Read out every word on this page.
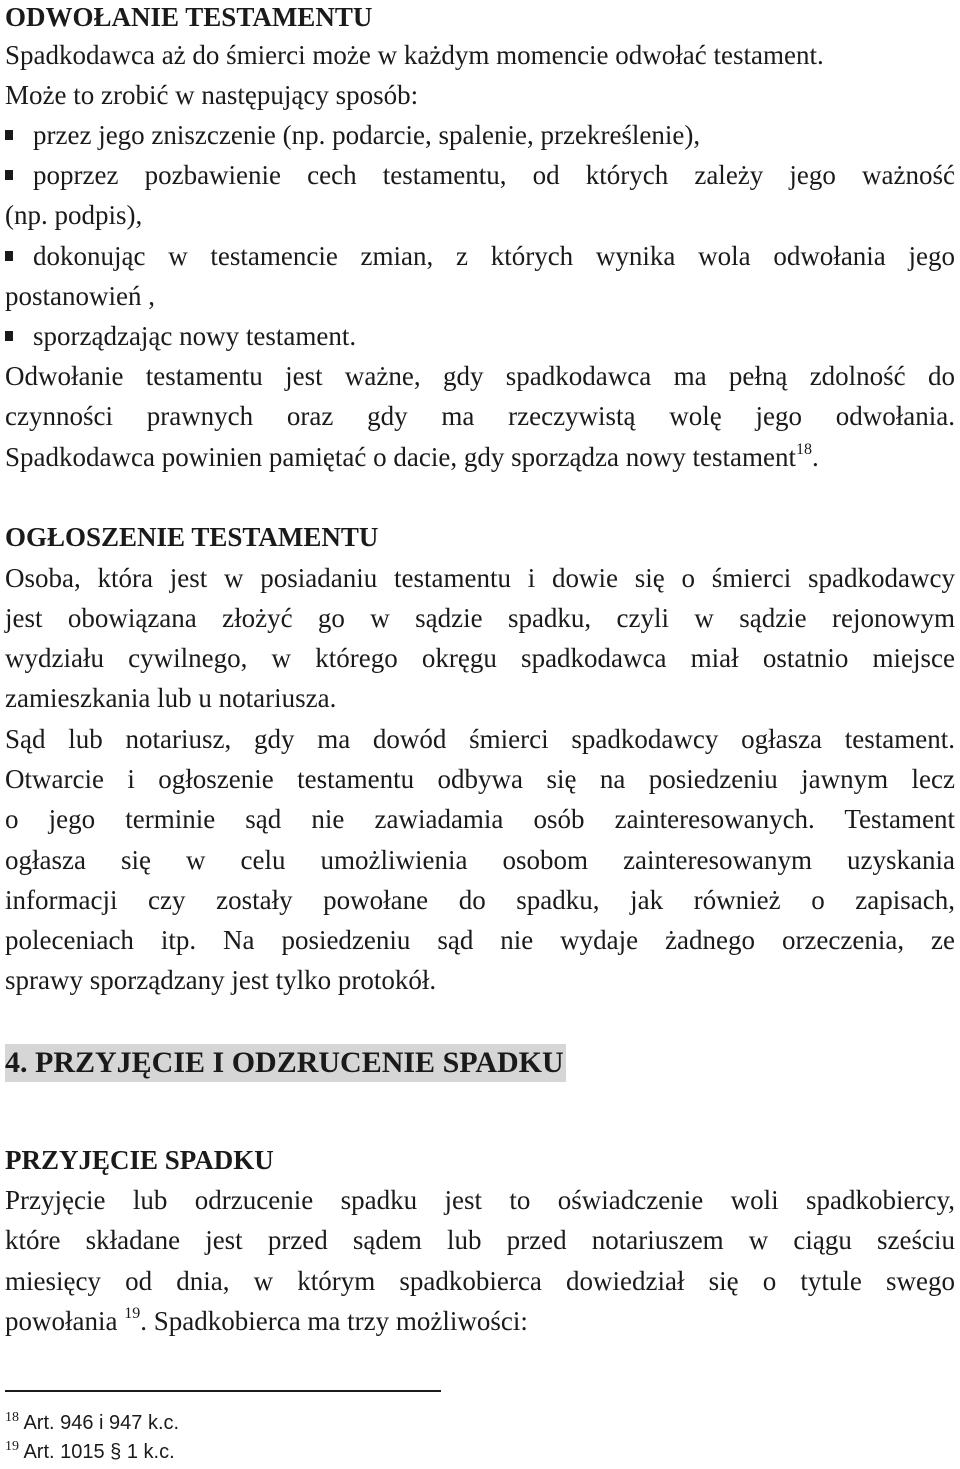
ODWOŁANIE TESTAMENTU
Spadkodawca aż do śmierci może w każdym momencie odwołać testament.
Może to zrobić w następujący sposób:
przez jego zniszczenie (np. podarcie, spalenie, przekreślenie),
poprzez pozbawienie cech testamentu, od których zależy jego ważność
(np. podpis),
dokonując w testamencie zmian, z których wynika wola odwołania jego
postanowień ,
sporządzając nowy testament.
Odwołanie testamentu jest ważne, gdy spadkodawca ma pełną zdolność do
czynności prawnych oraz gdy ma rzeczywistą wolę jego odwołania.
Spadkodawca powinien pamiętać o dacie, gdy sporządza nowy testament$^{18}$.
OGŁOSZENIE TESTAMENTU
Osoba, która jest w posiadaniu testamentu i dowie się o śmierci spadkodawcy
jest obowiązana złożyć go w sądzie spadku, czyli w sądzie rejonowym
wydziału cywilnego, w którego okręgu spadkodawca miał ostatnio miejsce
zamieszkania lub u notariusza.
Sąd lub notariusz, gdy ma dowód śmierci spadkodawcy ogłasza testament.
Otwarcie i ogłoszenie testamentu odbywa się na posiedzeniu jawnym lecz
o jego terminie sąd nie zawiadamia osób zainteresowanych. Testament
ogłasza się w celu umożliwienia osobom zainteresowanym uzyskania
informacji czy zostały powołane do spadku, jak również o zapisach,
poleceniach itp. Na posiedzeniu sąd nie wydaje żadnego orzeczenia, ze
sprawy sporządzany jest tylko protokół.
4. PRZYJĘCIE I ODZRUCENIE SPADKU
PRZYJĘCIE SPADKU
Przyjęcie lub odrzucenie spadku jest to oświadczenie woli spadkobiercy,
które składane jest przed sądem lub przed notariuszem w ciągu sześciu
miesięcy od dnia, w którym spadkobierca dowiedział się o tytule swego
powołania $^{19}$. Spadkobierca ma trzy możliwości:
$^{18}$ Art. 946 i 947 k.c.
$^{19}$ Art. 1015 § 1 k.c.
